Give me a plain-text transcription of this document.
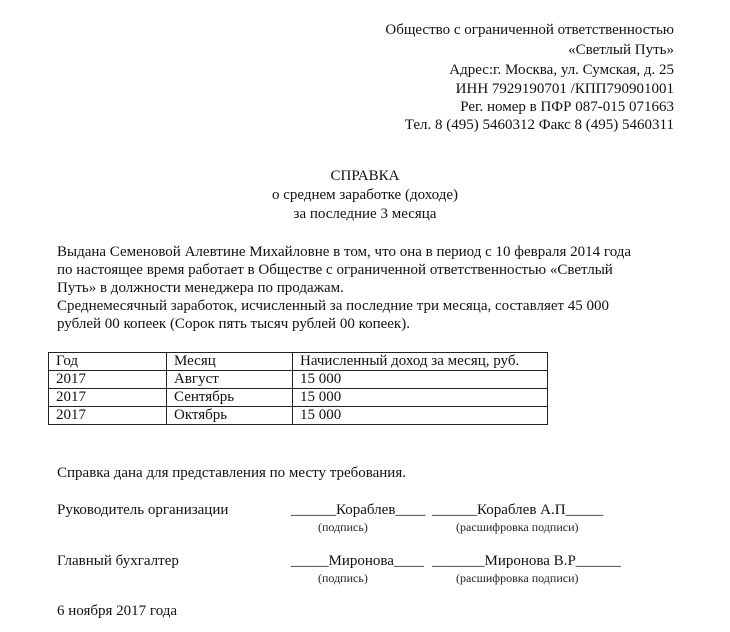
Общество с ограниченной ответственностью
«Светлый Путь»
Адрес:г. Москва, ул. Сумская, д. 25
ИНН 7929190701 /КПП790901001
Рег. номер в ПФР 087-015 071663
Тел. 8 (495) 5460312 Факс 8 (495) 5460311
СПРАВКА
о среднем заработке (доходе)
за последние 3 месяца
Выдана Семеновой Алевтине Михайловне в том, что она в период с 10 февраля 2014 года
по настоящее время работает в Обществе с ограниченной ответственностью «Светлый
Путь» в должности менеджера по продажам.
Среднемесячный заработок, исчисленный за последние три месяца, составляет 45 000
рублей 00 копеек (Сорок пять тысяч рублей 00 копеек).
Год	Месяц	Начисленный доход за месяц, руб.
2017	Август	15 000
2017	Сентябрь	15 000
2017	Октябрь	15 000
Справка дана для представления по месту требования.
Руководитель организации	______Кораблев____ ______Кораблев А.П_____
(подпись)	(расшифровка подписи)
Главный бухгалтер	_____Миронова____ _______Миронова В.Р______
(подпись)	(расшифровка подписи)
6 ноября 2017 года
